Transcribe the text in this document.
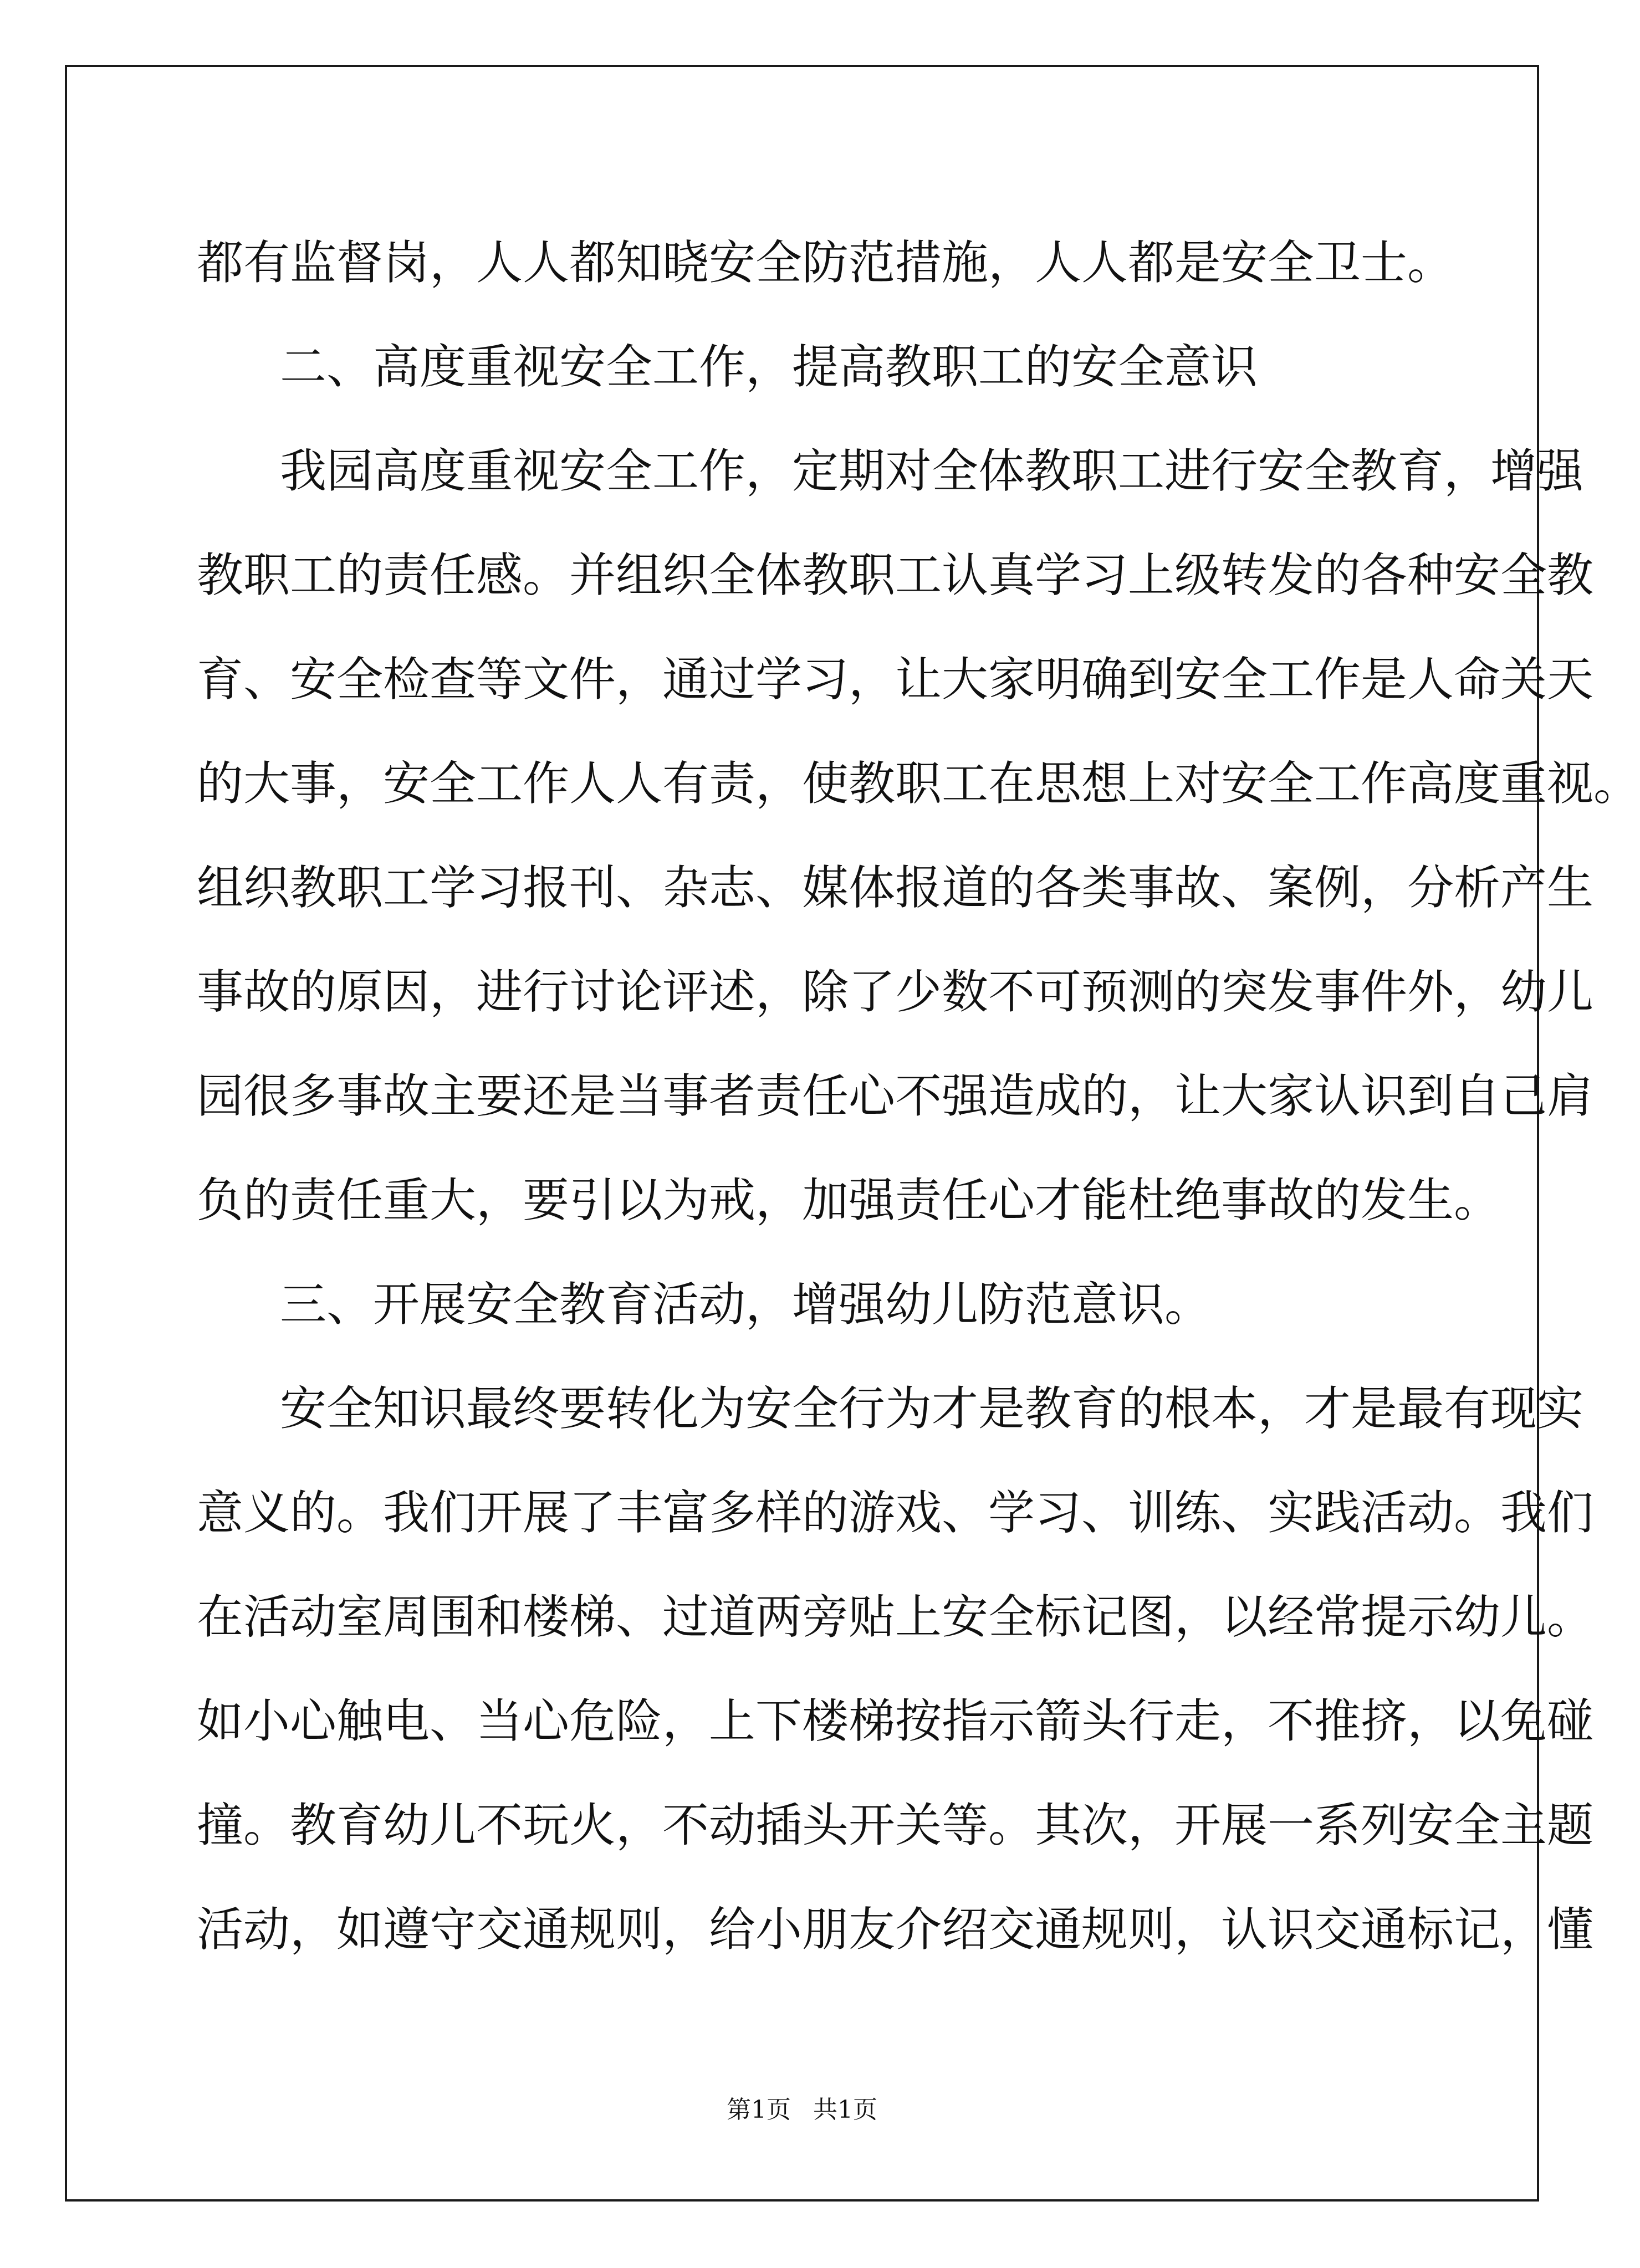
都有监督岗，人人都知晓安全防范措施，人人都是安全卫士。
二、高度重视安全工作，提高教职工的安全意识
我园高度重视安全工作，定期对全体教职工进行安全教育，增强
教职工的责任感。并组织全体教职工认真学习上级转发的各种安全教
育、安全检查等文件，通过学习，让大家明确到安全工作是人命关天
的大事，安全工作人人有责，使教职工在思想上对安全工作高度重视。
组织教职工学习报刊、杂志、媒体报道的各类事故、案例，分析产生
事故的原因，进行讨论评述，除了少数不可预测的突发事件外，幼儿
园很多事故主要还是当事者责任心不强造成的，让大家认识到自己肩
负的责任重大，要引以为戒，加强责任心才能杜绝事故的发生。
三、开展安全教育活动，增强幼儿防范意识。
安全知识最终要转化为安全行为才是教育的根本，才是最有现实
意义的。我们开展了丰富多样的游戏、学习、训练、实践活动。我们
在活动室周围和楼梯、过道两旁贴上安全标记图，以经常提示幼儿。
如小心触电、当心危险，上下楼梯按指示箭头行走，不推挤，以免碰
撞。教育幼儿不玩火，不动插头开关等。其次，开展一系列安全主题
活动，如遵守交通规则，给小朋友介绍交通规则，认识交通标记，懂
第1页 共1页
